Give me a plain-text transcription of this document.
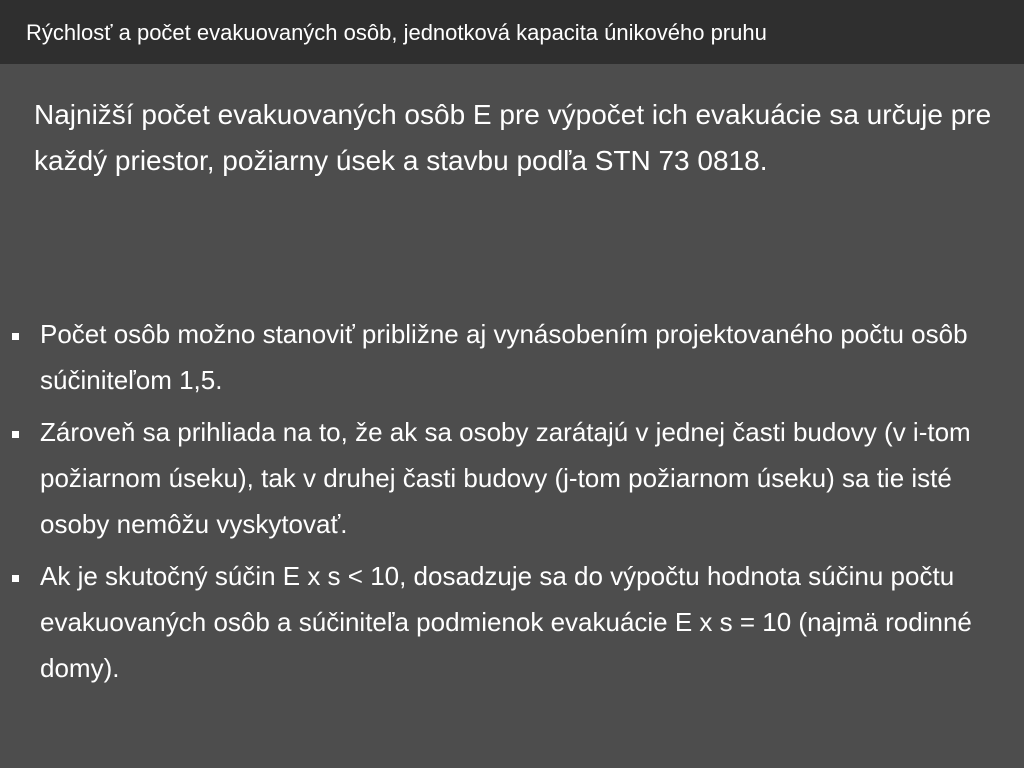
Rýchlosť a počet evakuovaných osôb, jednotková kapacita únikového pruhu
Najnižší počet evakuovaných osôb E pre výpočet ich evakuácie sa určuje pre každý priestor, požiarny úsek a stavbu podľa STN 73 0818.
Počet osôb možno stanoviť približne aj vynásobením projektovaného počtu osôb súčiniteľom 1,5.
Zároveň sa prihliada na to, že ak sa osoby zarátajú v jednej časti budovy (v i-tom požiarnom úseku), tak v druhej časti budovy (j-tom požiarnom úseku) sa tie isté osoby nemôžu vyskytovať.
Ak je skutočný súčin E x s < 10, dosadzuje sa do výpočtu hodnota súčinu počtu evakuovaných osôb a súčiniteľa podmienok evakuácie E x s = 10 (najmä rodinné domy).
